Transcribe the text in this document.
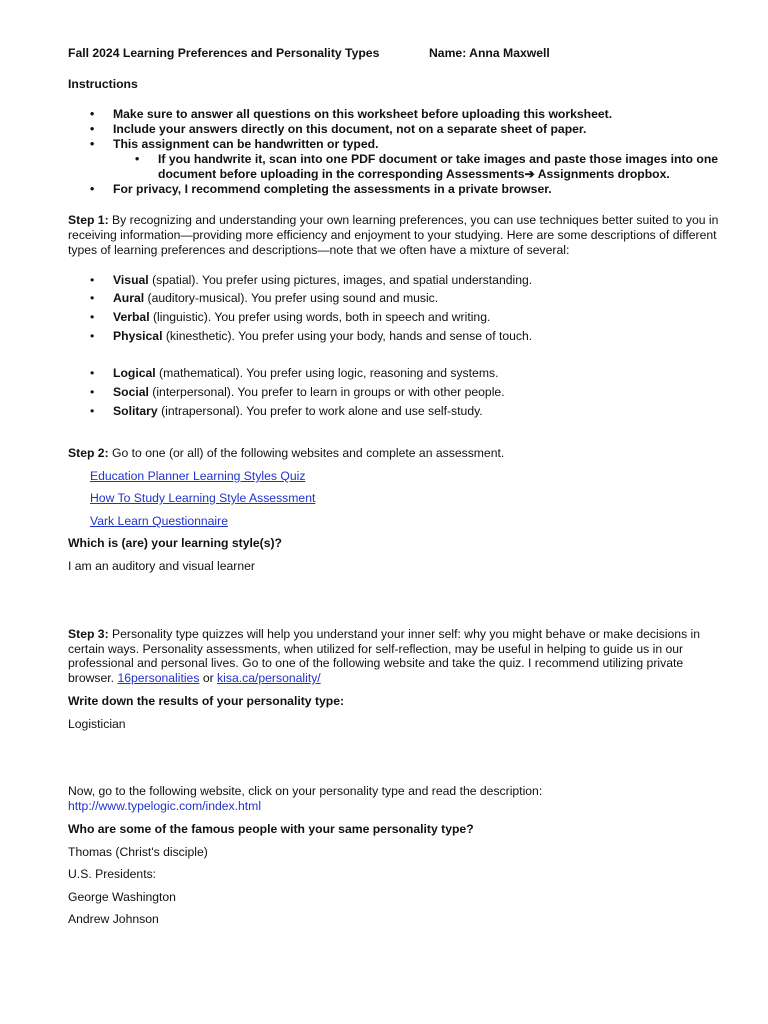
Fall 2024 Learning Preferences and Personality Types	Name: Anna Maxwell
Instructions
• Make sure to answer all questions on this worksheet before uploading this worksheet.
• Include your answers directly on this document, not on a separate sheet of paper.
• This assignment can be handwritten or typed.
• If you handwrite it, scan into one PDF document or take images and paste those images into one
document before uploading in the corresponding Assessments➔ Assignments dropbox.
• For privacy, I recommend completing the assessments in a private browser.
Step 1: By recognizing and understanding your own learning preferences, you can use techniques better suited to you in
receiving information—providing more efficiency and enjoyment to your studying. Here are some descriptions of different
types of learning preferences and descriptions—note that we often have a mixture of several:
• Visual (spatial). You prefer using pictures, images, and spatial understanding.
• Aural (auditory-musical). You prefer using sound and music.
• Verbal (linguistic). You prefer using words, both in speech and writing.
• Physical (kinesthetic). You prefer using your body, hands and sense of touch.
• Logical (mathematical). You prefer using logic, reasoning and systems.
• Social (interpersonal). You prefer to learn in groups or with other people.
• Solitary (intrapersonal). You prefer to work alone and use self-study.
Step 2: Go to one (or all) of the following websites and complete an assessment.
Education Planner Learning Styles Quiz
How To Study Learning Style Assessment
Vark Learn Questionnaire
Which is (are) your learning style(s)?
I am an auditory and visual learner
Step 3: Personality type quizzes will help you understand your inner self: why you might behave or make decisions in
certain ways. Personality assessments, when utilized for self-reflection, may be useful in helping to guide us in our
professional and personal lives. Go to one of the following website and take the quiz. I recommend utilizing private
browser. 16personalities or kisa.ca/personality/
Write down the results of your personality type:
Logistician
Now, go to the following website, click on your personality type and read the description:
http://www.typelogic.com/index.html
Who are some of the famous people with your same personality type?
Thomas (Christ's disciple)
U.S. Presidents:
George Washington
Andrew Johnson
